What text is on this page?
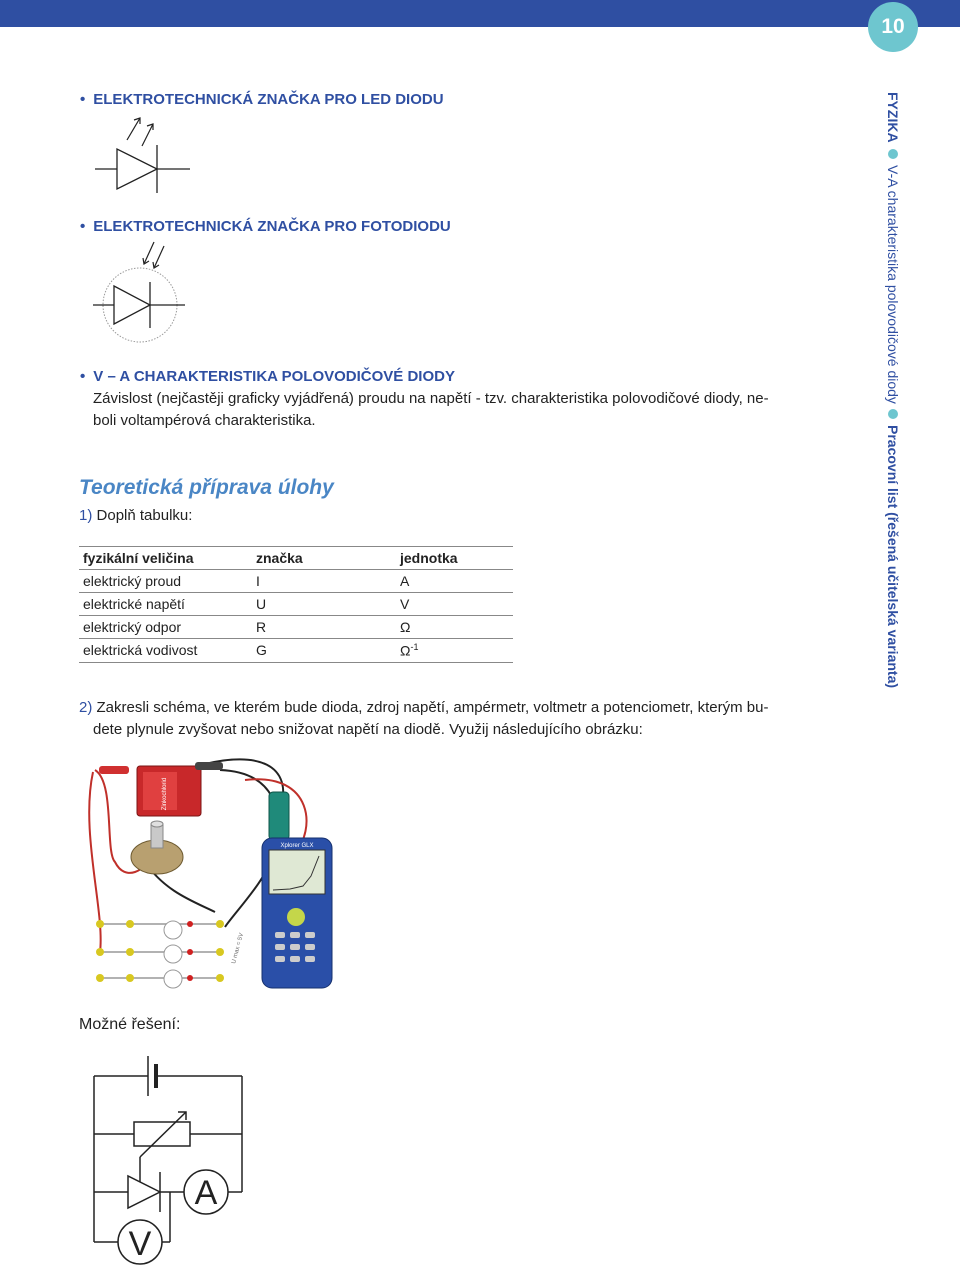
10
FYZIKA
V-A charakteristika polovodičové diody
Pracovní list (řešená učitelská varianta)
• ELEKTROTECHNICKÁ ZNAČKA PRO LED DIODU
• ELEKTROTECHNICKÁ ZNAČKA PRO FOTODIODU
• V – A CHARAKTERISTIKA POLOVODIČOVÉ DIODY
Závislost (nejčastěji graficky vyjádřená) proudu na napětí - tzv. charakteristika polovodičové diody, ne-
boli voltampérová charakteristika.
Teoretická příprava úlohy
1) Doplň tabulku:
fyzikální veličina	značka	jednotka
elektrický proud	I	A
elektrické napětí	U	V
elektrický odpor	R	Ω
elektrická vodivost	G	$\Omega^{-1}$
2) Zakresli schéma, ve kterém bude dioda, zdroj napětí, ampérmetr, voltmetr a potenciometr, kterým bu-
dete plynule zvyšovat nebo snižovat napětí na diodě. Využij následujícího obrázku:
Zinkochlorid
Xplorer GLX
U max = 5V
Možné řešení:
A
V
